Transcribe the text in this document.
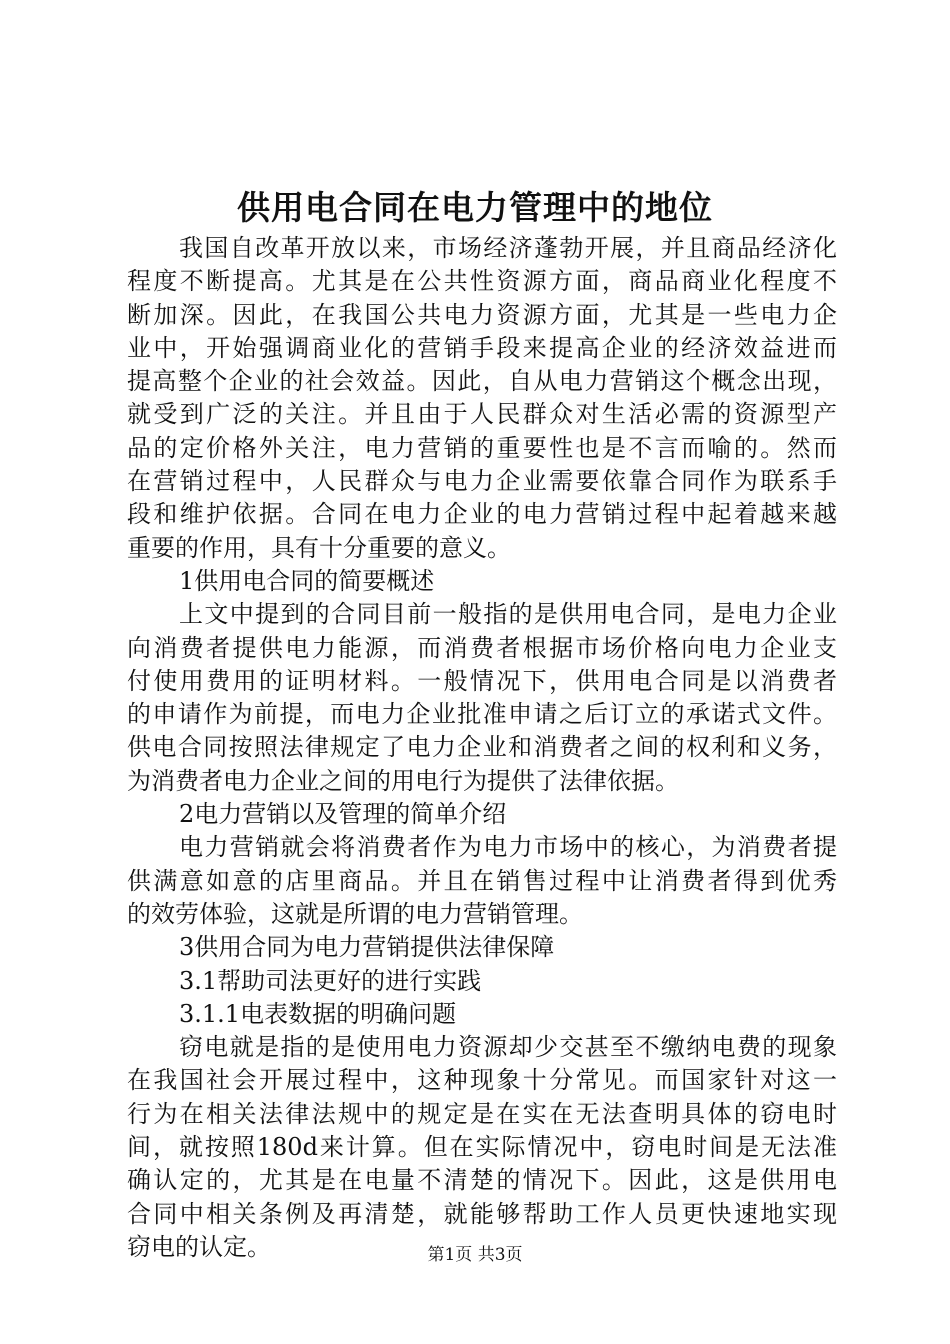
供用电合同在电力管理中的地位
我国自改革开放以来，市场经济蓬勃开展，并且商品经济化
程度不断提高。尤其是在公共性资源方面，商品商业化程度不
断加深。因此，在我国公共电力资源方面，尤其是一些电力企
业中，开始强调商业化的营销手段来提高企业的经济效益进而
提高整个企业的社会效益。因此，自从电力营销这个概念出现，
就受到广泛的关注。并且由于人民群众对生活必需的资源型产
品的定价格外关注，电力营销的重要性也是不言而喻的。然而
在营销过程中，人民群众与电力企业需要依靠合同作为联系手
段和维护依据。合同在电力企业的电力营销过程中起着越来越
重要的作用，具有十分重要的意义。
1供用电合同的简要概述
上文中提到的合同目前一般指的是供用电合同，是电力企业
向消费者提供电力能源，而消费者根据市场价格向电力企业支
付使用费用的证明材料。一般情况下，供用电合同是以消费者
的申请作为前提，而电力企业批准申请之后订立的承诺式文件。
供电合同按照法律规定了电力企业和消费者之间的权利和义务，
为消费者电力企业之间的用电行为提供了法律依据。
2电力营销以及管理的简单介绍
电力营销就会将消费者作为电力市场中的核心，为消费者提
供满意如意的店里商品。并且在销售过程中让消费者得到优秀
的效劳体验，这就是所谓的电力营销管理。
3供用合同为电力营销提供法律保障
3.1帮助司法更好的进行实践
3.1.1电表数据的明确问题
窃电就是指的是使用电力资源却少交甚至不缴纳电费的现象
在我国社会开展过程中，这种现象十分常见。而国家针对这一
行为在相关法律法规中的规定是在实在无法查明具体的窃电时
间，就按照180d来计算。但在实际情况中，窃电时间是无法准
确认定的，尤其是在电量不清楚的情况下。因此，这是供用电
合同中相关条例及再清楚，就能够帮助工作人员更快速地实现
窃电的认定。	第1页 共3页
